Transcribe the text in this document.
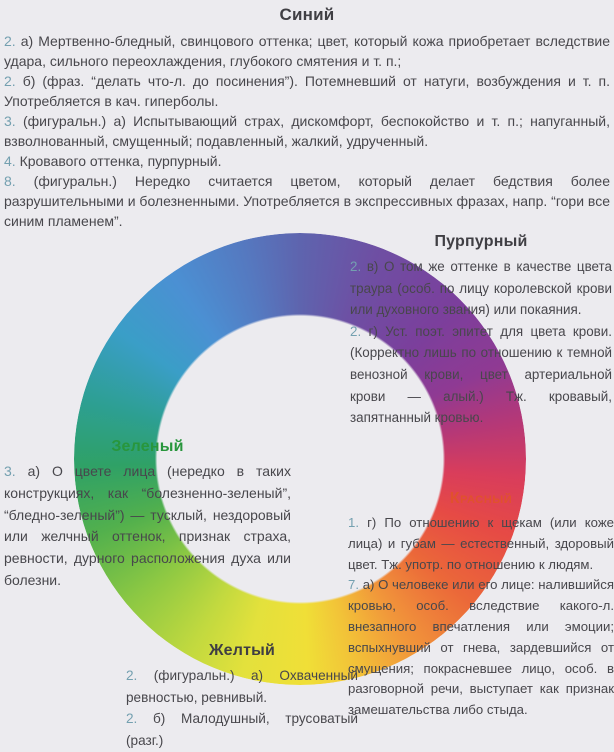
Синий

2. а) Мертвенно-бледный, свинцового оттенка; цвет, который кожа приобретает вследствие удара, сильного переохлаждения, глубокого смятения и т. п.;

2. б) (фраз. “делать что-л. до посинения”). Потемневший от натуги, возбуждения и т. п. Употребляется в кач. гиперболы.

3. (фигуральн.) а) Испытывающий страх, дискомфорт, беспокойство и т. п.; напуганный, взволнованный, смущенный; подавленный, жалкий, удрученный.

4. Кровавого оттенка, пурпурный.

8. (фигуральн.) Нередко считается цветом, который делает бедствия более разрушительными и болезненными. Употребляется в экспрессивных фразах, напр. “гори все синим пламенем”.

Пурпурный

2. в) О том же оттенке в качестве цвета траура (особ. по лицу королевской крови или духовного звания) или покаяния.

2. г) Уст. поэт. эпитет для цвета крови. (Корректно лишь по отношению к темной венозной крови, цвет артериальной крови — алый.) Тж. кровавый, запятнанный кровью.

Зеленый

3. а) О цвете лица (нередко в таких конструкциях, как “болезненно-зеленый”, “бледно-зеленый”) — тусклый, нездоровый или желчный оттенок, признак страха, ревности, дурного расположения духа или болезни.

Красный

1. г) По отношению к щекам (или коже лица) и губам — естественный, здоровый цвет. Тж. употр. по отношению к людям.

7. а) О человеке или его лице: налившийся кровью, особ. вследствие какого-л. внезапного впечатления или эмоции; вспыхнувший от гнева, зардевшийся от смущения; покрасневшее лицо, особ. в разговорной речи, выступает как признак замешательства либо стыда.

Желтый

2. (фигуральн.) а) Охваченный ревностью, ревнивый.

2. б) Малодушный, трусоватый (разг.)
